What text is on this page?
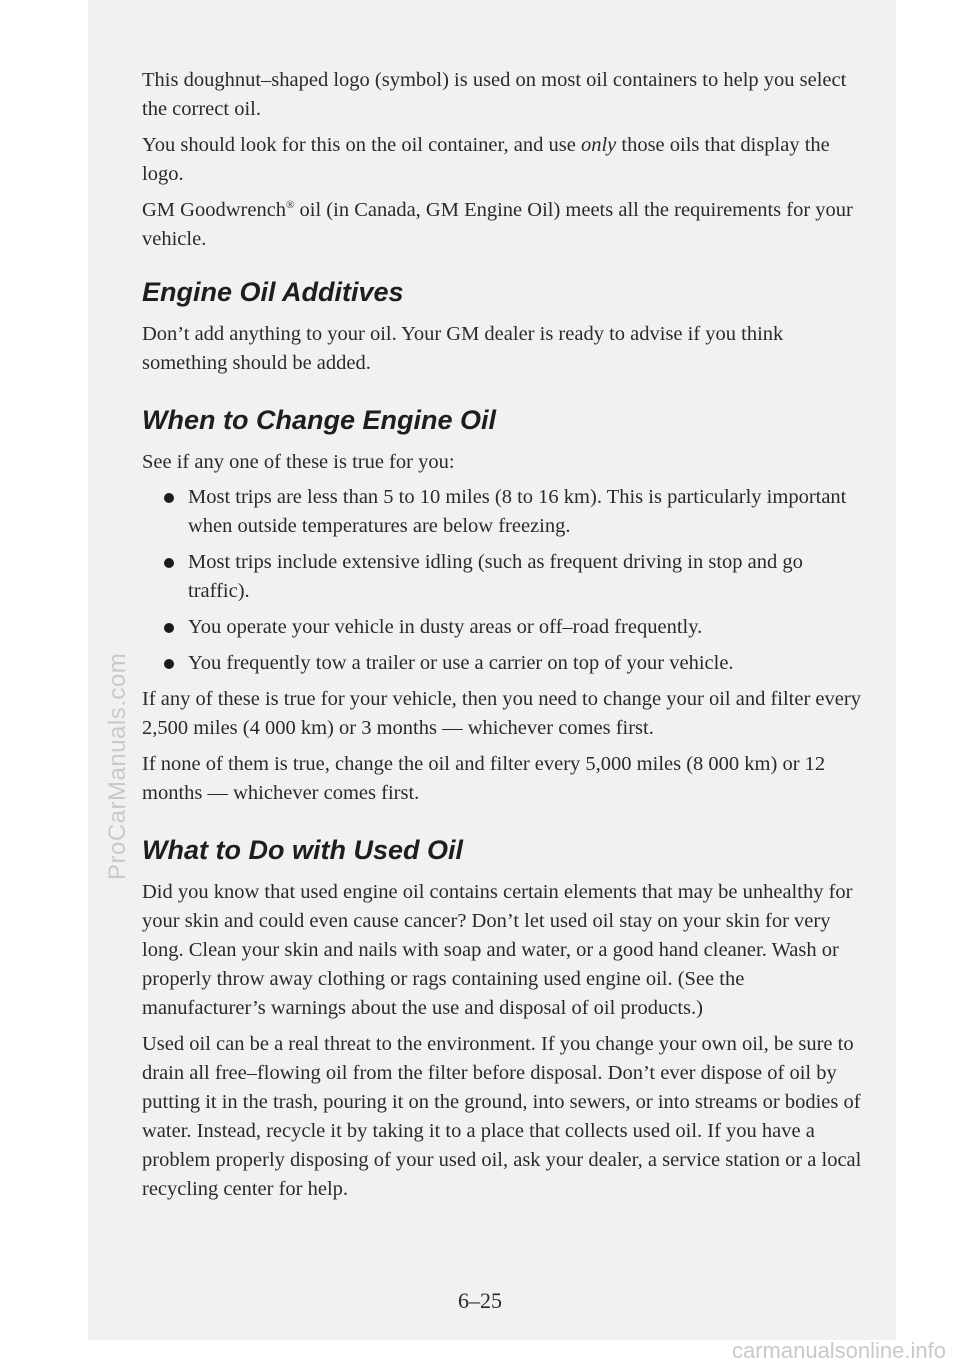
ProCarManuals.com

This doughnut–shaped logo (symbol) is used on most oil containers to help you select the correct oil.

You should look for this on the oil container, and use only those oils that display the logo.

GM Goodwrench® oil (in Canada, GM Engine Oil) meets all the requirements for your vehicle.

Engine Oil Additives

Don’t add anything to your oil. Your GM dealer is ready to advise if you think something should be added.

When to Change Engine Oil

See if any one of these is true for you:

Most trips are less than 5 to 10 miles (8 to 16 km). This is particularly important when outside temperatures are below freezing.
Most trips include extensive idling (such as frequent driving in stop and go traffic).
You operate your vehicle in dusty areas or off–road frequently.
You frequently tow a trailer or use a carrier on top of your vehicle.

If any of these is true for your vehicle, then you need to change your oil and filter every 2,500 miles (4 000 km) or 3 months — whichever comes first.

If none of them is true, change the oil and filter every 5,000 miles (8 000 km) or 12 months — whichever comes first.

What to Do with Used Oil

Did you know that used engine oil contains certain elements that may be unhealthy for your skin and could even cause cancer? Don’t let used oil stay on your skin for very long. Clean your skin and nails with soap and water, or a good hand cleaner. Wash or properly throw away clothing or rags containing used engine oil. (See the manufacturer’s warnings about the use and disposal of oil products.)

Used oil can be a real threat to the environment. If you change your own oil, be sure to drain all free–flowing oil from the filter before disposal. Don’t ever dispose of oil by putting it in the trash, pouring it on the ground, into sewers, or into streams or bodies of water. Instead, recycle it by taking it to a place that collects used oil. If you have a problem properly disposing of your used oil, ask your dealer, a service station or a local recycling center for help.

6–25
carmanualsonline.info
